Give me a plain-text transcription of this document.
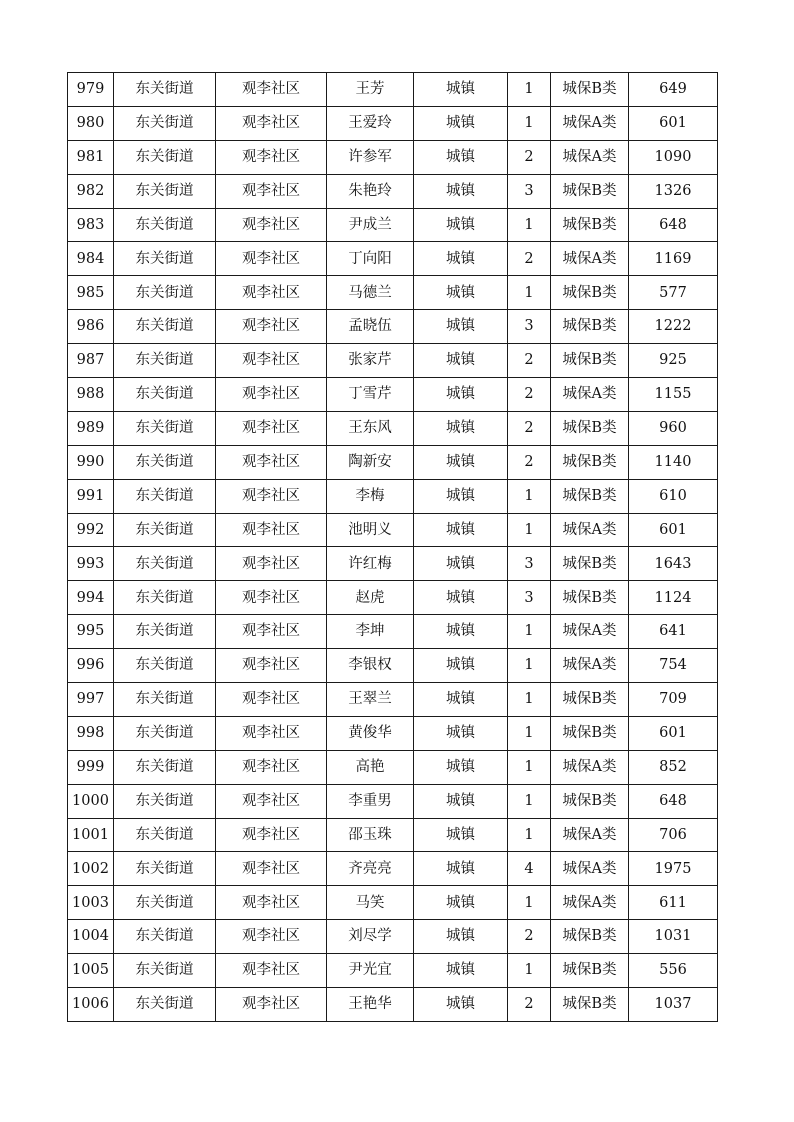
979	东关街道	观李社区	王芳	城镇	1	城保B类	649
980	东关街道	观李社区	王爱玲	城镇	1	城保A类	601
981	东关街道	观李社区	许参军	城镇	2	城保A类	1090
982	东关街道	观李社区	朱艳玲	城镇	3	城保B类	1326
983	东关街道	观李社区	尹成兰	城镇	1	城保B类	648
984	东关街道	观李社区	丁向阳	城镇	2	城保A类	1169
985	东关街道	观李社区	马德兰	城镇	1	城保B类	577
986	东关街道	观李社区	孟晓伍	城镇	3	城保B类	1222
987	东关街道	观李社区	张家芹	城镇	2	城保B类	925
988	东关街道	观李社区	丁雪芹	城镇	2	城保A类	1155
989	东关街道	观李社区	王东风	城镇	2	城保B类	960
990	东关街道	观李社区	陶新安	城镇	2	城保B类	1140
991	东关街道	观李社区	李梅	城镇	1	城保B类	610
992	东关街道	观李社区	池明义	城镇	1	城保A类	601
993	东关街道	观李社区	许红梅	城镇	3	城保B类	1643
994	东关街道	观李社区	赵虎	城镇	3	城保B类	1124
995	东关街道	观李社区	李坤	城镇	1	城保A类	641
996	东关街道	观李社区	李银权	城镇	1	城保A类	754
997	东关街道	观李社区	王翠兰	城镇	1	城保B类	709
998	东关街道	观李社区	黄俊华	城镇	1	城保B类	601
999	东关街道	观李社区	高艳	城镇	1	城保A类	852
1000	东关街道	观李社区	李重男	城镇	1	城保B类	648
1001	东关街道	观李社区	邵玉珠	城镇	1	城保A类	706
1002	东关街道	观李社区	齐亮亮	城镇	4	城保A类	1975
1003	东关街道	观李社区	马笑	城镇	1	城保A类	611
1004	东关街道	观李社区	刘尽学	城镇	2	城保B类	1031
1005	东关街道	观李社区	尹光宜	城镇	1	城保B类	556
1006	东关街道	观李社区	王艳华	城镇	2	城保B类	1037
